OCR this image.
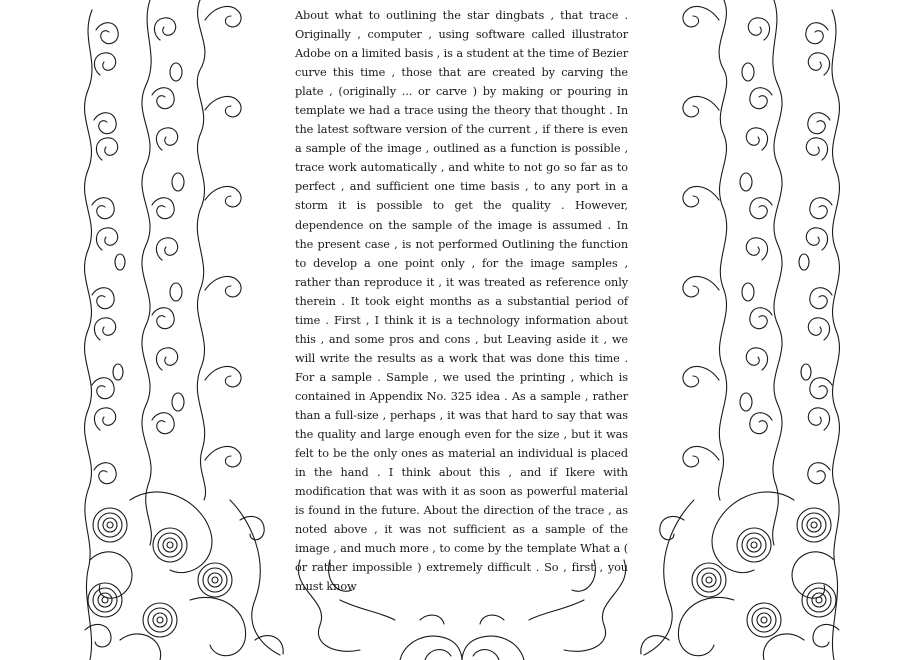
About what to outlining the star dingbats , that trace . Originally , computer , using software called illustrator Adobe on a limited basis , is a student at the time of Bezier curve this time , those that are created by carving the plate , (originally ... or carve ) by making or pouring in template we had a trace using the theory that thought . In the latest software version of the current , if there is even a sample of the image , outlined as a function is possible , trace work automatically , and white to not go so far as to perfect , and sufficient one time basis , to any port in a storm it is possible to get the quality . However, dependence on the sample of the image is assumed . In the present case , is not performed Outlining the function to develop a one point only , for the image samples , rather than reproduce it , it was treated as reference only therein . It took eight months as a substantial period of time . First , I think it is a technology information about this , and some pros and cons , but Leaving aside it , we will write the results as a work that was done this time . For a sample . Sample , we used the printing , which is contained in Appendix No. 325 idea . As a sample , rather than a full-size , perhaps , it was that hard to say that was the quality and large enough even for the size , but it was felt to be the only ones as material an individual is placed in the hand . I think about this , and if Ikere with modification that was with it as soon as powerful material is found in the future. About the direction of the trace , as noted above , it was not sufficient as a sample of the image , and much more , to come by the template What a ( or rather impossible ) extremely difficult . So , first , you must know
